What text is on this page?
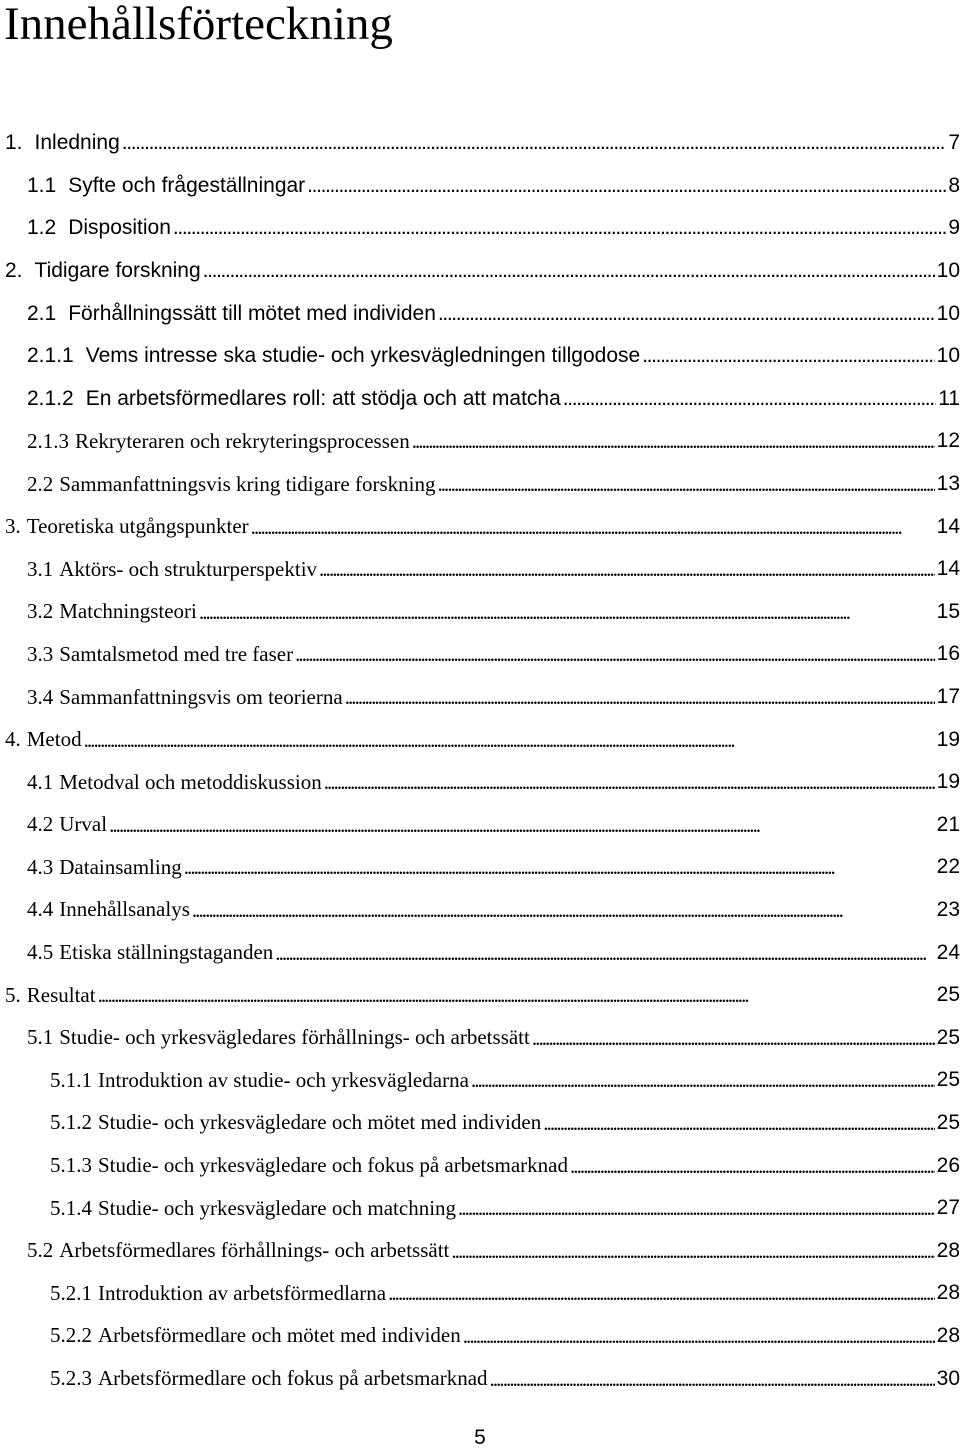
Innehållsförteckning
1. Inledning . . .	7
1.1 Syfte och frågeställningar . . .	8
1.2 Disposition . . .	9
2. Tidigare forskning . . .	10
2.1 Förhållningssätt till mötet med individen . . .	10
2.1.1 Vems intresse ska studie- och yrkesvägledningen tillgodose . . .	10
2.1.2 En arbetsförmedlares roll: att stödja och att matcha . . .	11
2.1.3 Rekryteraren och rekryteringsprocessen . . .	12
2.2 Sammanfattningsvis kring tidigare forskning . . .	13
3. Teoretiska utgångspunkter . . .	14
3.1 Aktörs- och strukturperspektiv . . .	14
3.2 Matchningsteori . . .	15
3.3 Samtalsmetod med tre faser . . .	16
3.4 Sammanfattningsvis om teorierna . . .	17
4. Metod . . .	19
4.1 Metodval och metoddiskussion . . .	19
4.2 Urval . . .	21
4.3 Datainsamling . . .	22
4.4 Innehållsanalys . . .	23
4.5 Etiska ställningstaganden . . .	24
5. Resultat . . .	25
5.1 Studie- och yrkesvägledares förhållnings- och arbetssätt . . .	25
5.1.1 Introduktion av studie- och yrkesvägledarna . . .	25
5.1.2 Studie- och yrkesvägledare och mötet med individen . . .	25
5.1.3 Studie- och yrkesvägledare och fokus på arbetsmarknad . . .	26
5.1.4 Studie- och yrkesvägledare och matchning . . .	27
5.2 Arbetsförmedlares förhållnings- och arbetssätt . . .	28
5.2.1 Introduktion av arbetsförmedlarna . . .	28
5.2.2 Arbetsförmedlare och mötet med individen . . .	28
5.2.3 Arbetsförmedlare och fokus på arbetsmarknad . . .	30
5
